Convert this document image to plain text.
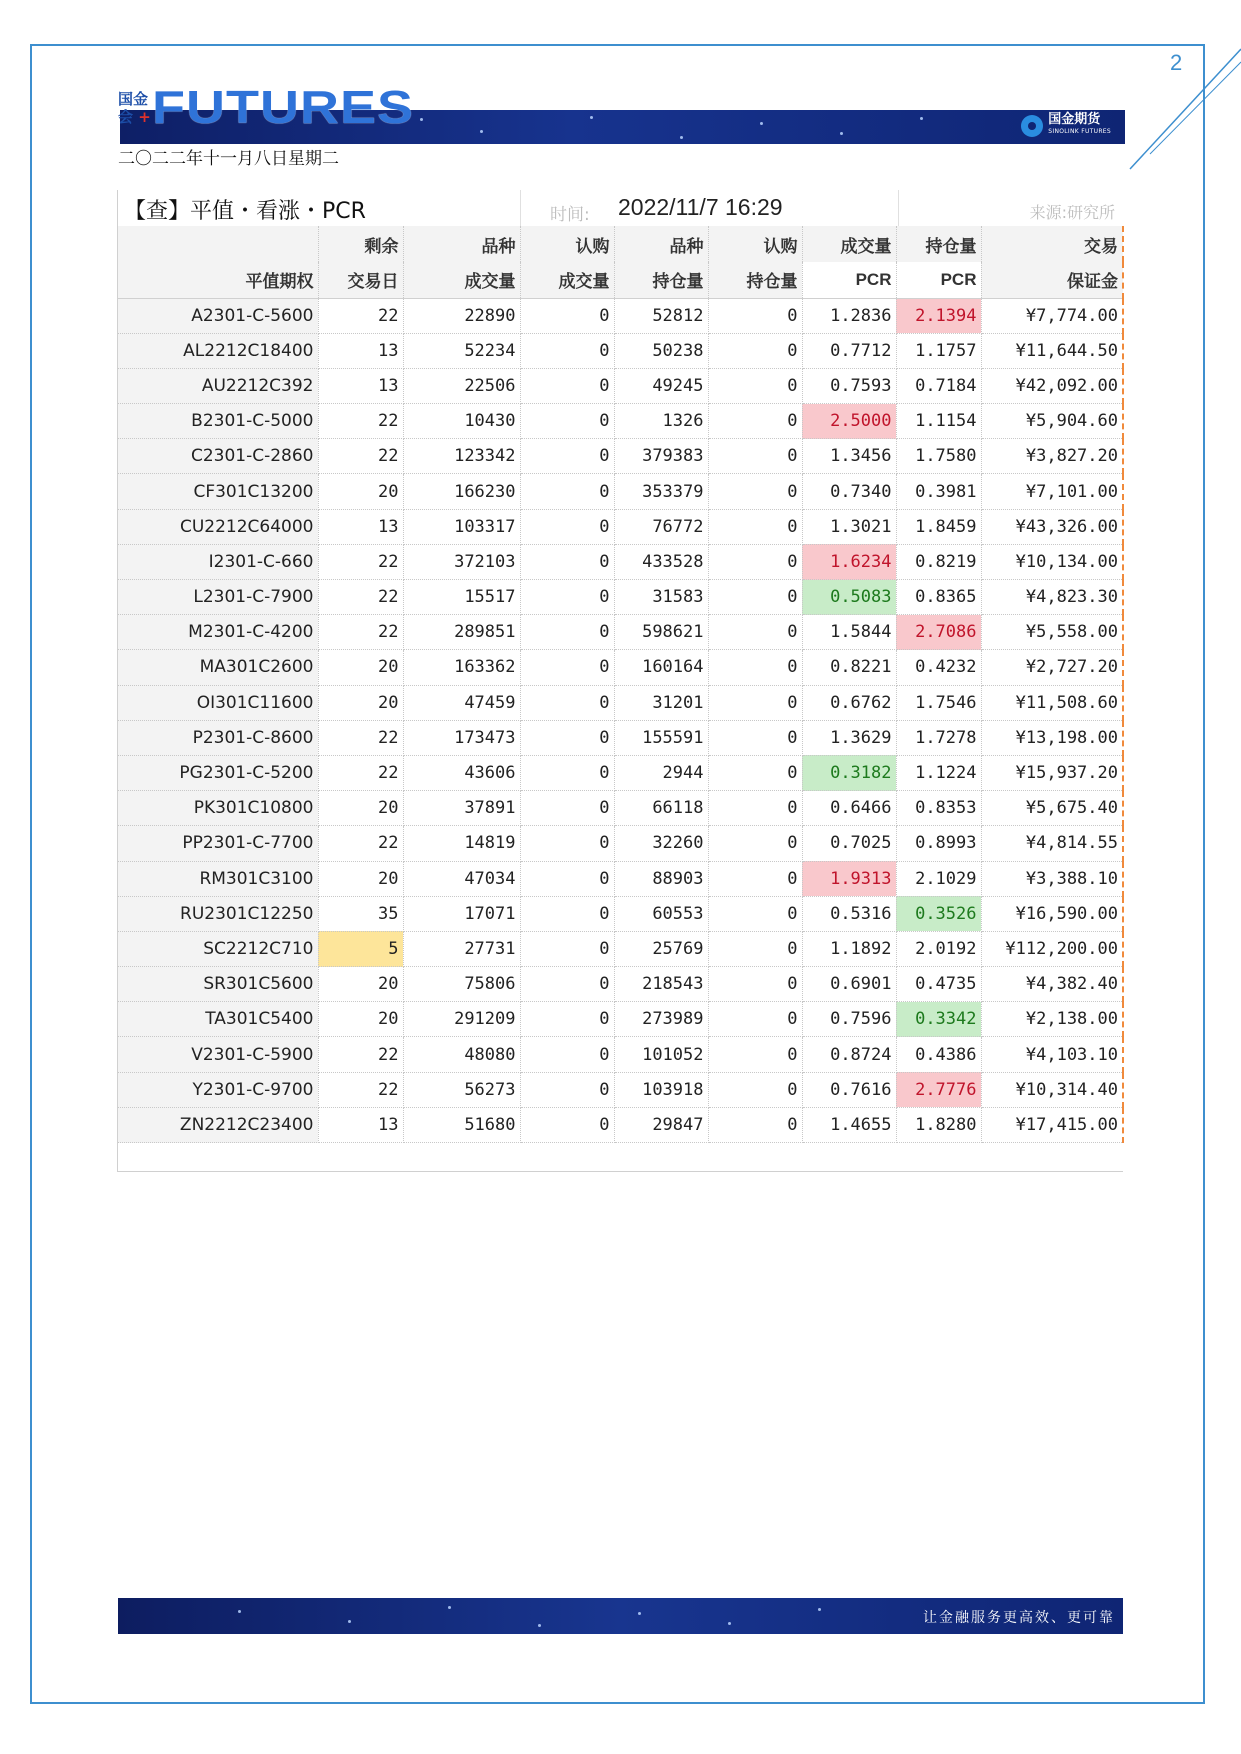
2
国金期货
SINOLINK FUTURES
国金
会 + FUTURES
二〇二二年十一月八日星期二
【查】平值・看涨・PCR	时间: 2022/11/7 16:29	来源:研究所
	剩余	品种	认购	品种	认购	成交量	持仓量	交易
平值期权	交易日	成交量	成交量	持仓量	持仓量	PCR	PCR	保证金
A2301-C-5600	22	22890	0	52812	0	1.2836	2.1394	¥7,774.00
AL2212C18400	13	52234	0	50238	0	0.7712	1.1757	¥11,644.50
AU2212C392	13	22506	0	49245	0	0.7593	0.7184	¥42,092.00
B2301-C-5000	22	10430	0	1326	0	2.5000	1.1154	¥5,904.60
C2301-C-2860	22	123342	0	379383	0	1.3456	1.7580	¥3,827.20
CF301C13200	20	166230	0	353379	0	0.7340	0.3981	¥7,101.00
CU2212C64000	13	103317	0	76772	0	1.3021	1.8459	¥43,326.00
I2301-C-660	22	372103	0	433528	0	1.6234	0.8219	¥10,134.00
L2301-C-7900	22	15517	0	31583	0	0.5083	0.8365	¥4,823.30
M2301-C-4200	22	289851	0	598621	0	1.5844	2.7086	¥5,558.00
MA301C2600	20	163362	0	160164	0	0.8221	0.4232	¥2,727.20
OI301C11600	20	47459	0	31201	0	0.6762	1.7546	¥11,508.60
P2301-C-8600	22	173473	0	155591	0	1.3629	1.7278	¥13,198.00
PG2301-C-5200	22	43606	0	2944	0	0.3182	1.1224	¥15,937.20
PK301C10800	20	37891	0	66118	0	0.6466	0.8353	¥5,675.40
PP2301-C-7700	22	14819	0	32260	0	0.7025	0.8993	¥4,814.55
RM301C3100	20	47034	0	88903	0	1.9313	2.1029	¥3,388.10
RU2301C12250	35	17071	0	60553	0	0.5316	0.3526	¥16,590.00
SC2212C710	5	27731	0	25769	0	1.1892	2.0192	¥112,200.00
SR301C5600	20	75806	0	218543	0	0.6901	0.4735	¥4,382.40
TA301C5400	20	291209	0	273989	0	0.7596	0.3342	¥2,138.00
V2301-C-5900	22	48080	0	101052	0	0.8724	0.4386	¥4,103.10
Y2301-C-9700	22	56273	0	103918	0	0.7616	2.7776	¥10,314.40
ZN2212C23400	13	51680	0	29847	0	1.4655	1.8280	¥17,415.00
让金融服务更高效、更可靠
